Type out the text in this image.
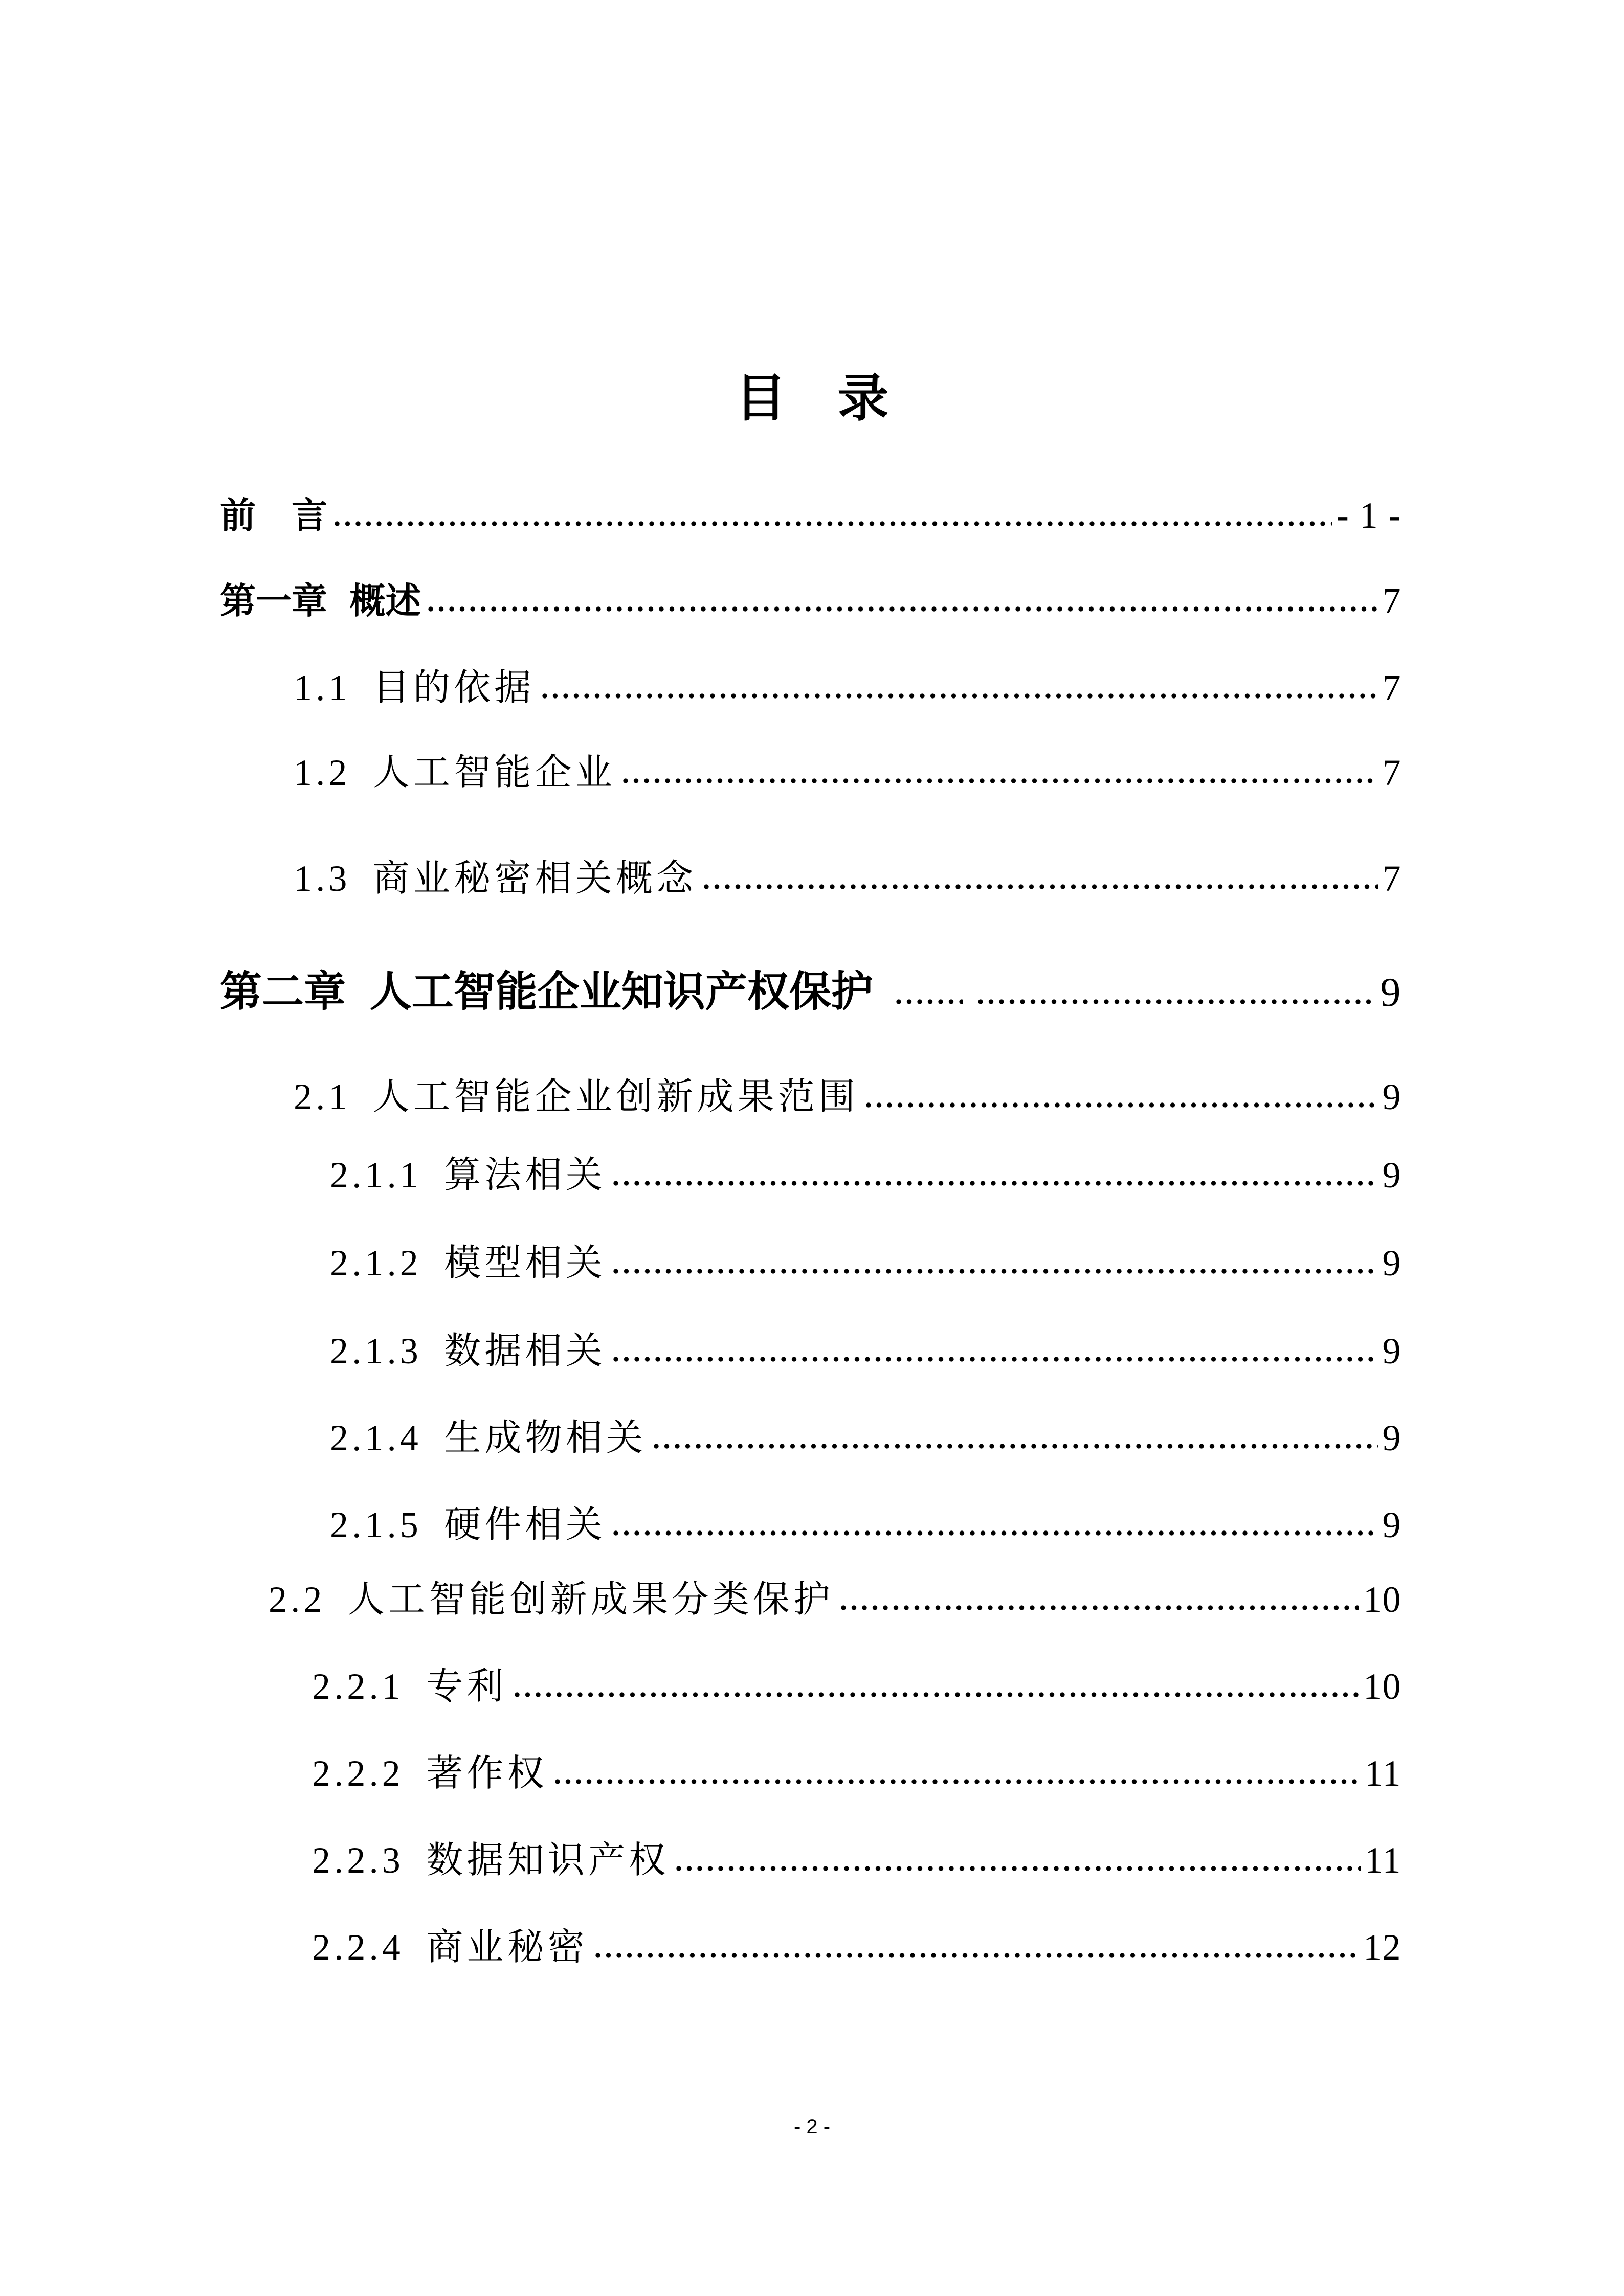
目　录
前　言	- 1 -
第一章 概述	7
1.1 目的依据	7
1.2 人工智能企业	7
1.3 商业秘密相关概念	7
第二章 人工智能企业知识产权保护	9
2.1 人工智能企业创新成果范围	9
2.1.1 算法相关	9
2.1.2 模型相关	9
2.1.3 数据相关	9
2.1.4 生成物相关	9
2.1.5 硬件相关	9
2.2 人工智能创新成果分类保护	10
2.2.1 专利	10
2.2.2 著作权	11
2.2.3 数据知识产权	11
2.2.4 商业秘密	12
- 2 -
